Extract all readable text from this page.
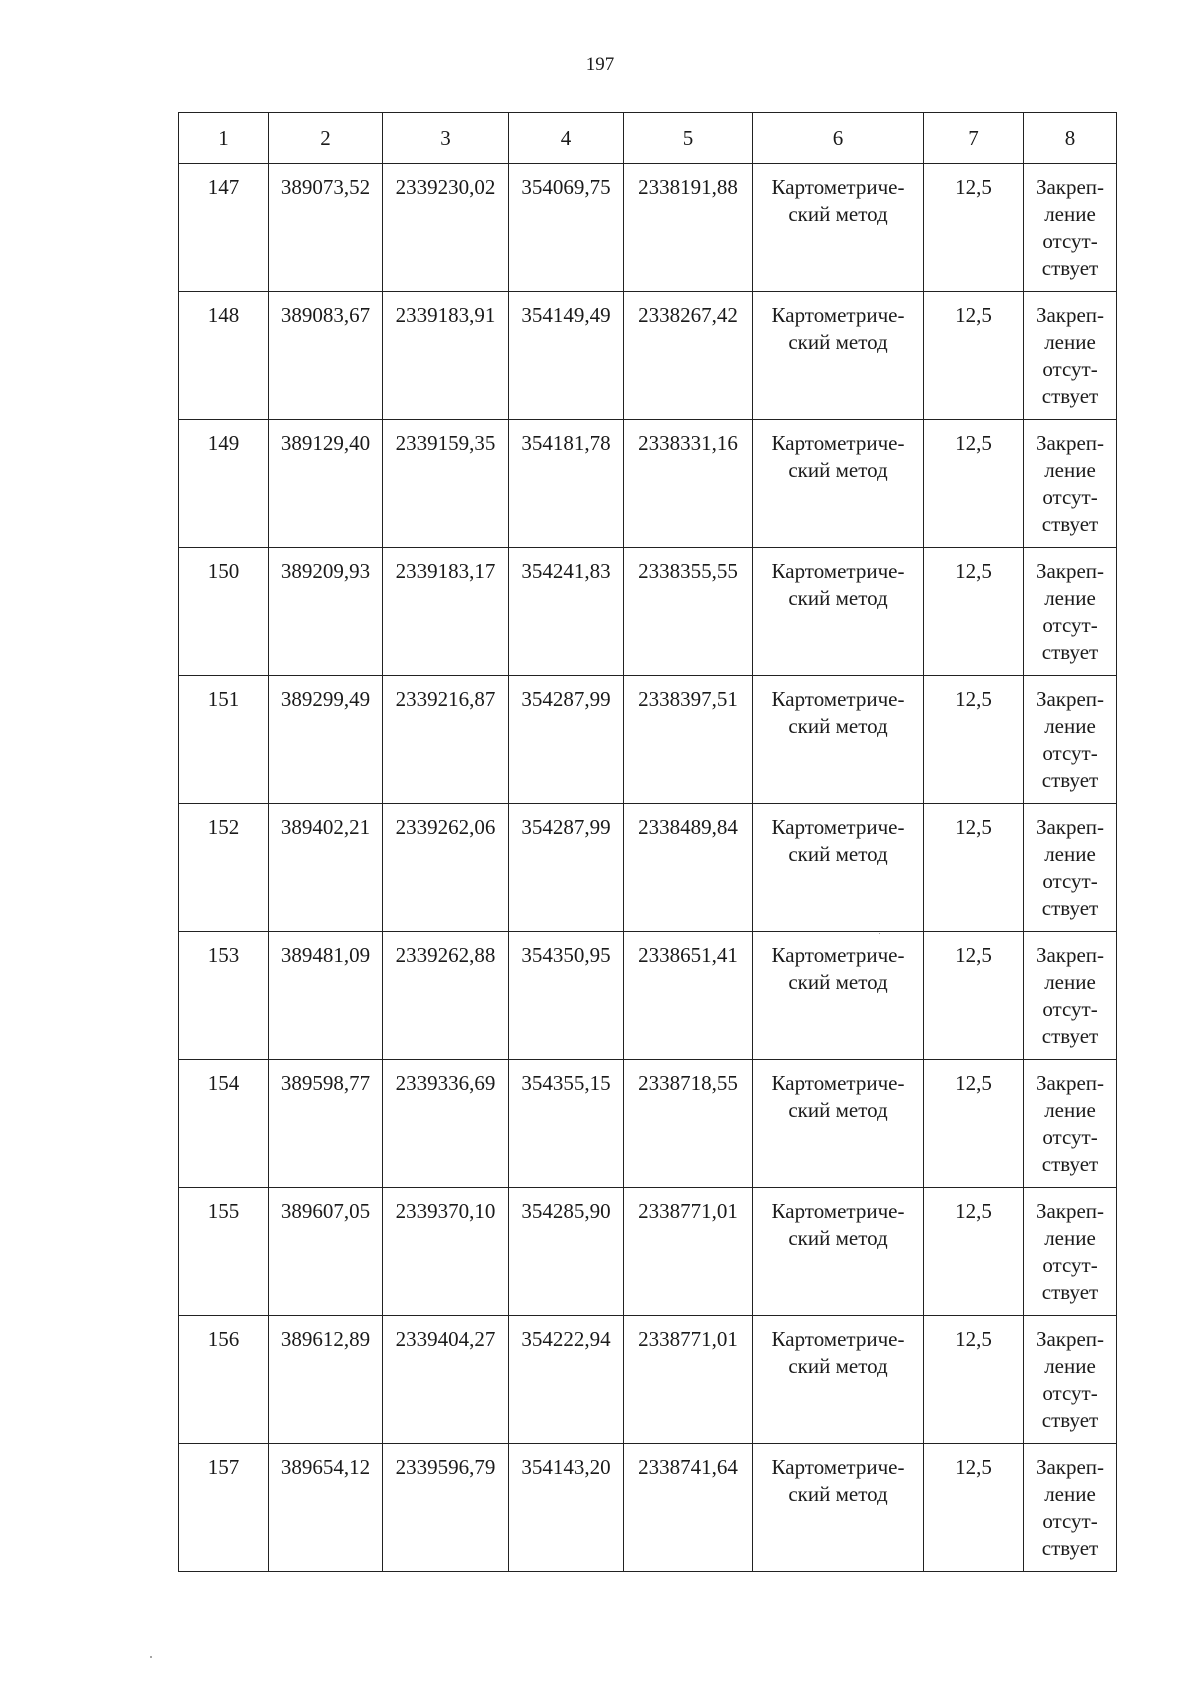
197
1	2	3	4	5	6	7	8
147	389073,52	2339230,02	354069,75	2338191,88	Картометриче-
ский метод	12,5	Закреп-
ление
отсут-
ствует

148	389083,67	2339183,91	354149,49	2338267,42	Картометриче-
ский метод	12,5	Закреп-
ление
отсут-
ствует

149	389129,40	2339159,35	354181,78	2338331,16	Картометриче-
ский метод	12,5	Закреп-
ление
отсут-
ствует

150	389209,93	2339183,17	354241,83	2338355,55	Картометриче-
ский метод	12,5	Закреп-
ление
отсут-
ствует

151	389299,49	2339216,87	354287,99	2338397,51	Картометриче-
ский метод	12,5	Закреп-
ление
отсут-
ствует

152	389402,21	2339262,06	354287,99	2338489,84	Картометриче-
ский метод	12,5	Закреп-
ление
отсут-
ствует

153	389481,09	2339262,88	354350,95	2338651,41	Картометриче-
ский метод	12,5	Закреп-
ление
отсут-
ствует

154	389598,77	2339336,69	354355,15	2338718,55	Картометриче-
ский метод	12,5	Закреп-
ление
отсут-
ствует

155	389607,05	2339370,10	354285,90	2338771,01	Картометриче-
ский метод	12,5	Закреп-
ление
отсут-
ствует

156	389612,89	2339404,27	354222,94	2338771,01	Картометриче-
ский метод	12,5	Закреп-
ление
отсут-
ствует

157	389654,12	2339596,79	354143,20	2338741,64	Картометриче-
ский метод	12,5	Закреп-
ление
отсут-
ствует
